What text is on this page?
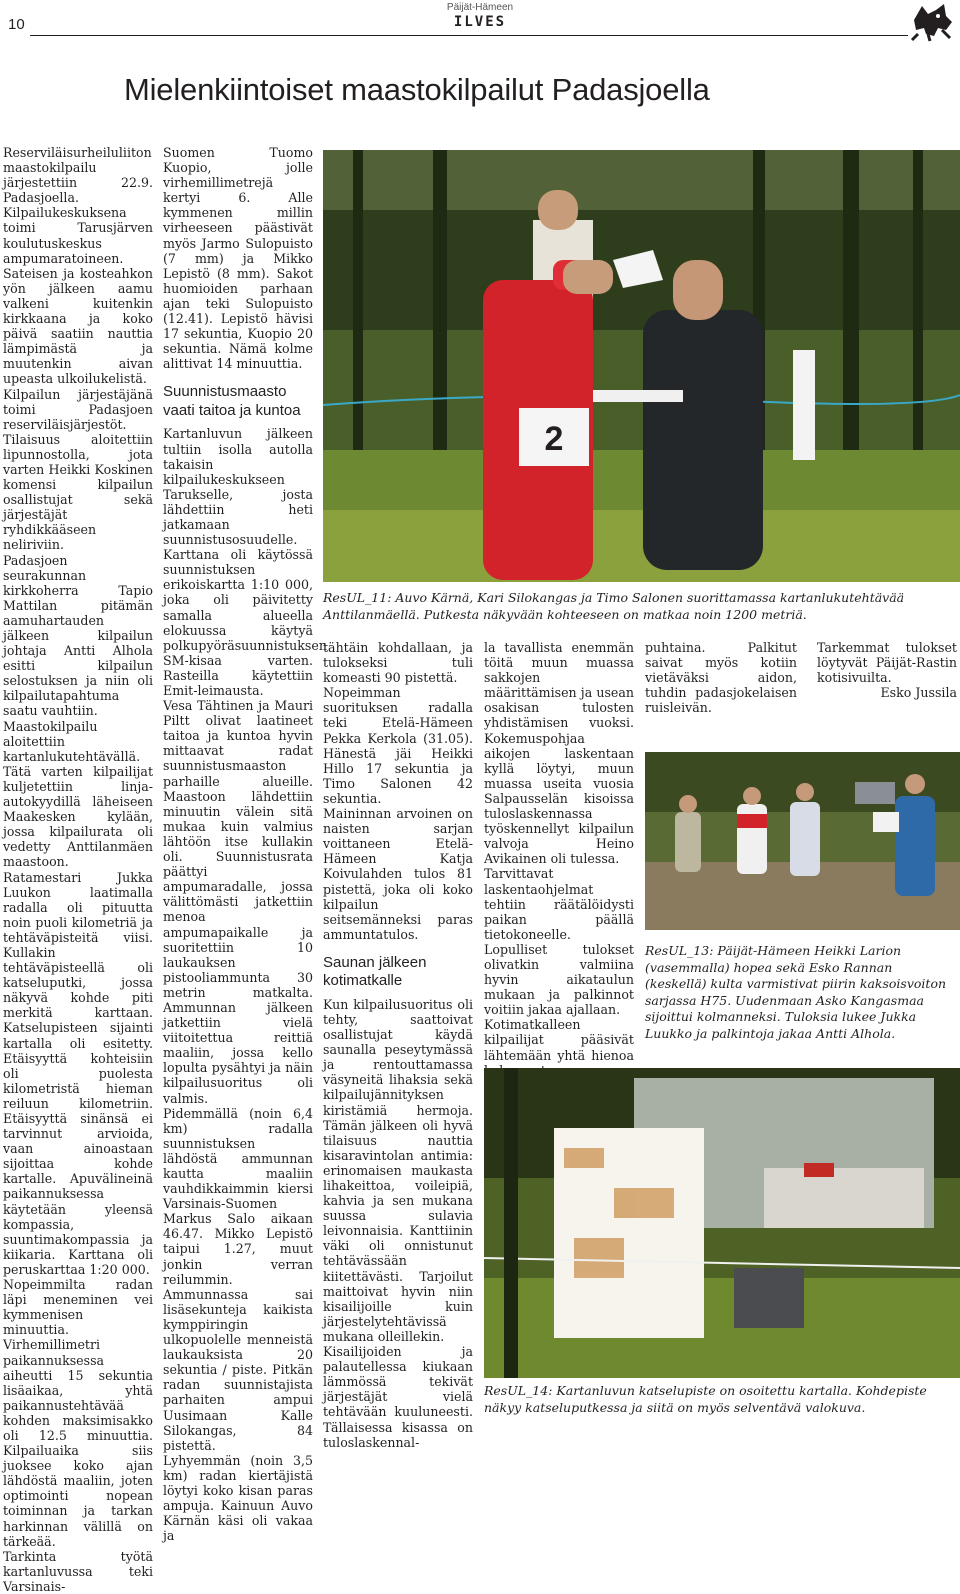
10
Päijät-Hämeen
ILVES
Mielenkiintoiset maastokilpailut Padasjoella

Reserviläisurheiluliiton maastokilpailu järjestettiin 22.9. Padasjoella. Kilpailukeskuksena toimi Tarusjärven koulutuskeskus ampumaratoineen.

Sateisen ja kosteahkon yön jälkeen aamu valkeni kuitenkin kirkkaana ja koko päivä saatiin nauttia lämpimästä ja muutenkin aivan upeasta ulkoilukelistä.

Kilpailun järjestäjänä toimi Padasjoen reserviläisjärjestöt. Tilaisuus aloitettiin lipunnostolla, jota varten Heikki Koskinen komensi kilpailun osallistujat sekä järjestäjät ryhdikkääseen neliriviin.

Padasjoen seurakunnan kirkkoherra Tapio Mattilan pitämän aamuhartauden jälkeen kilpailun johtaja Antti Alhola esitti kilpailun selostuksen ja niin oli kilpailutapahtuma saatu vauhtiin.

Maastokilpailu aloitettiin kartanlukutehtävällä. Tätä varten kilpailijat kuljetettiin linja-autokyydillä läheiseen Maakesken kylään, jossa kilpailurata oli vedetty Anttilanmäen maastoon.

Ratamestari Jukka Luukon laatimalla radalla oli pituutta noin puoli kilometriä ja tehtäväpisteitä viisi. Kullakin tehtäväpisteellä oli katseluputki, jossa näkyvä kohde piti merkitä karttaan. Katselupisteen sijainti kartalla oli esitetty. Etäisyyttä kohteisiin oli puolesta kilometristä hieman reiluun kilometriin. Etäisyyttä sinänsä ei tarvinnut arvioida, vaan ainoastaan sijoittaa kohde kartalle. Apuvälineinä paikannuksessa käytetään yleensä kompassia, suuntimakompassia ja kiikaria. Karttana oli peruskarttaa 1:20 000.

Nopeimmilta radan läpi meneminen vei kymmenisen minuuttia. Virhemillimetri paikannuksessa aiheutti 15 sekuntia lisäaikaa, yhtä paikannustehtävää kohden maksimisakko oli 12.5 minuuttia. Kilpailuaika siis juoksee koko ajan lähdöstä maaliin, joten optimointi nopean toiminnan ja tarkan harkinnan välillä on tärkeää.

Tarkinta työtä kartanluvussa teki Varsinais-

Suomen Tuomo Kuopio, jolle virhemillimetrejä kertyi 6. Alle kymmenen millin virheeseen päästivät myös Jarmo Sulopuisto (7 mm) ja Mikko Lepistö (8 mm). Sakot huomioiden parhaan ajan teki Sulopuisto (12.41). Lepistö hävisi 17 sekuntia, Kuopio 20 sekuntia. Nämä kolme alittivat 14 minuuttia.

Suunnistusmaasto vaati taitoa ja kuntoa

Kartanluvun jälkeen tultiin isolla autolla takaisin kilpailukeskukseen Tarukselle, josta lähdettiin heti jatkamaan suunnistusosuudelle. Karttana oli käytössä suunnistuksen erikoiskartta 1:10 000, joka oli päivitetty samalla alueella elokuussa käytyä polkupyöräsuunnistuksen SM-kisaa varten. Rasteilla käytettiin Emit-leimausta.

Vesa Tähtinen ja Mauri Piltt olivat laatineet taitoa ja kuntoa hyvin mittaavat radat suunnistusmaaston parhaille alueille. Maastoon lähdettiin minuutin välein sitä mukaa kuin valmius lähtöön itse kullakin oli. Suunnistusrata päättyi ampumaradalle, jossa välittömästi jatkettiin menoa ampumapaikalle ja suoritettiin 10 laukauksen pistooliammunta 30 metrin matkalta. Ammunnan jälkeen jatkettiin vielä viitoitettua reittiä maaliin, jossa kello lopulta pysähtyi ja näin kilpailusuoritus oli valmis.

Pidemmällä (noin 6,4 km) radalla suunnistuksen lähdöstä ammunnan kautta maaliin vauhdikkaimmin kiersi Varsinais-Suomen Markus Salo aikaan 46.47. Mikko Lepistö taipui 1.27, muut jonkin verran reilummin.

Ammunnassa sai lisäsekunteja kaikista kymppiringin ulkopuolelle menneistä laukauksista 20 sekuntia / piste. Pitkän radan suunnistajista parhaiten ampui Uusimaan Kalle Silokangas, 84 pistettä.

Lyhyemmän (noin 3,5 km) radan kiertäjistä löytyi koko kisan paras ampuja. Kainuun Auvo Kärnän käsi oli vakaa ja

2
ResUL_11: Auvo Kärnä, Kari Silokangas ja Timo Salonen suorittamassa kartanlukutehtävää Anttilanmäellä. Putkesta näkyvään kohteeseen on matkaa noin 1200 metriä.

tähtäin kohdallaan, ja tulokseksi tuli komeasti 90 pistettä.

Nopeimman suorituksen radalla teki Etelä-Hämeen Pekka Kerkola (31.05). Hänestä jäi Heikki Hillo 17 sekuntia ja Timo Salonen 42 sekuntia.

Maininnan arvoinen on naisten sarjan voittaneen Etelä-Hämeen Katja Koivulahden tulos 81 pistettä, joka oli koko kilpailun seitsemänneksi paras ammuntatulos.

Saunan jälkeen kotimatkalle

Kun kilpailusuoritus oli tehty, saattoivat osallistujat käydä saunalla peseytymässä ja rentouttamassa väsyneitä lihaksia sekä kilpailujännityksen kiristämiä hermoja. Tämän jälkeen oli hyvä tilaisuus nauttia kisaravintolan antimia: erinomaisen maukasta lihakeittoa, voileipiä, kahvia ja sen mukana suussa sulavia leivonnaisia. Kanttiinin väki oli onnistunut tehtävässään kiitettävästi. Tarjoilut maittoivat hyvin niin kisailijoille kuin järjestelytehtävissä mukana olleillekin.

Kisailijoiden ja palautellessa kiukaan lämmössä tekivät järjestäjät vielä tehtävään kuuluneesti. Tällaisessa kisassa on tuloslaskennal-

la tavallista enemmän töitä muun muassa sakkojen määrittämisen ja usean osakisan tulosten yhdistämisen vuoksi. Kokemuspohjaa aikojen laskentaan kyllä löytyi, muun muassa useita vuosia Salpausselän kisoissa tuloslaskennassa työskennellyt kilpailun valvoja Heino Avikainen oli tulessa.

Tarvittavat laskentaohjelmat tehtiin räätälöidysti paikan päällä tietokoneelle. Lopulliset tulokset olivatkin valmiina hyvin aikataulun mukaan ja palkinnot voitiin jakaa ajallaan.

Kotimatkalleen kilpailijat pääsivät lähtemään yhtä hienoa

puhtaina. Palkitut saivat myös kotiin vietäväksi aidon, tuhdin padasjokelaisen ruisleivän.

Tarkemmat tulokset löytyvät Päijät-Rastin kotisivuilta.

Esko Jussila

ResUL_13: Päijät-Hämeen Heikki Larion (vasemmalla) hopea sekä Esko Rannan (keskellä) kulta varmistivat piirin kaksoisvoiton sarjassa H75. Uudenmaan Asko Kangasmaa sijoittui kolmanneksi. Tuloksia lukee Jukka Luukko ja palkintoja jakaa Antti Alhola.
ResUL_14: Kartanluvun katselupiste on osoitettu kartalla. Kohdepiste näkyy katseluputkessa ja siitä on myös selventävä valokuva.
